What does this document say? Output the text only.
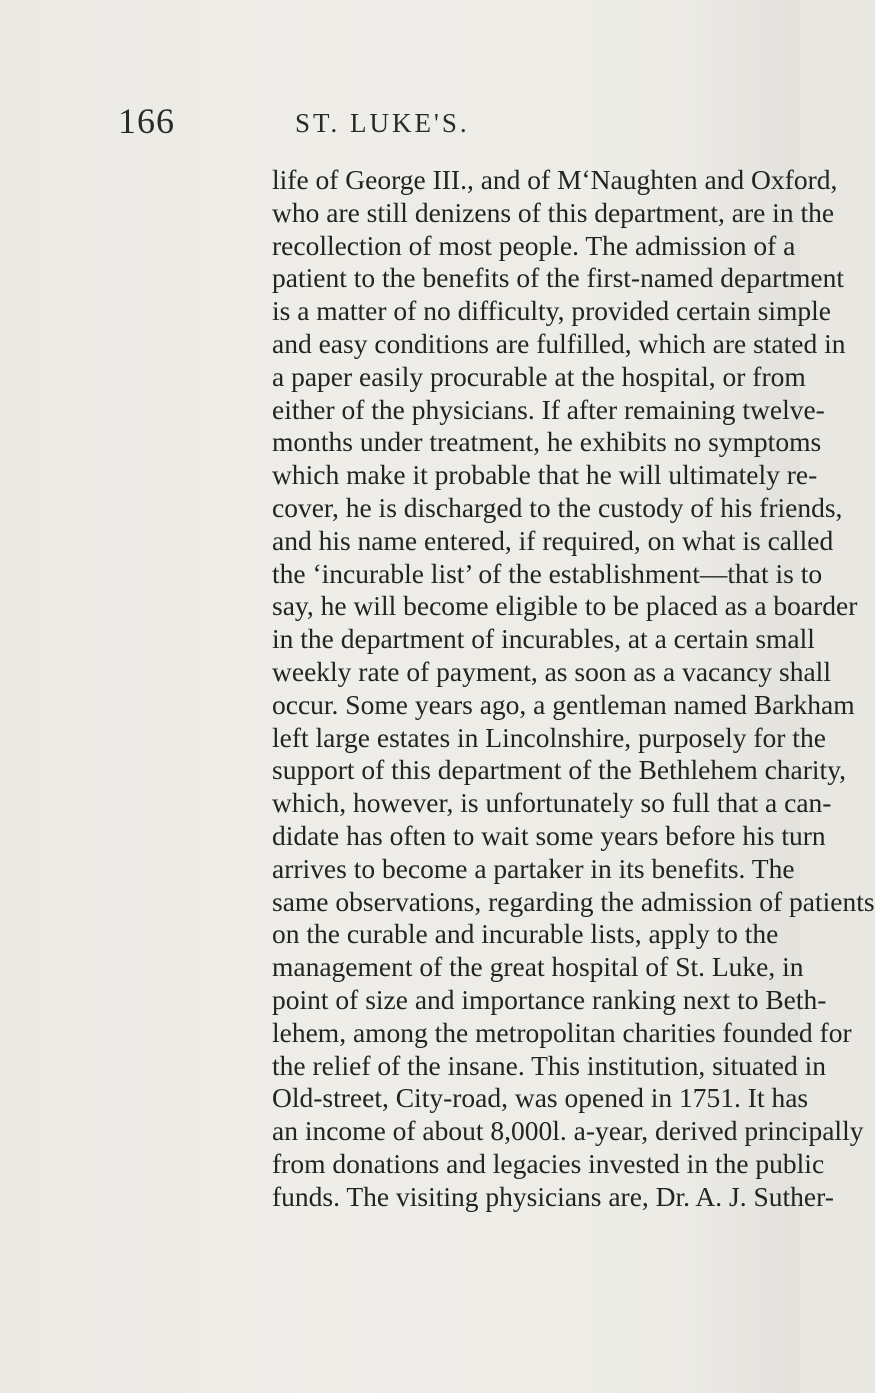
166	ST. LUKE'S.
life of George III., and of M‘Naughten and Oxford,
who are still denizens of this department, are in the
recollection of most people. The admission of a
patient to the benefits of the first-named department
is a matter of no difficulty, provided certain simple
and easy conditions are fulfilled, which are stated in
a paper easily procurable at the hospital, or from
either of the physicians. If after remaining twelve-
months under treatment, he exhibits no symptoms
which make it probable that he will ultimately re-
cover, he is discharged to the custody of his friends,
and his name entered, if required, on what is called
the ‘incurable list’ of the establishment—that is to
say, he will become eligible to be placed as a boarder
in the department of incurables, at a certain small
weekly rate of payment, as soon as a vacancy shall
occur. Some years ago, a gentleman named Barkham
left large estates in Lincolnshire, purposely for the
support of this department of the Bethlehem charity,
which, however, is unfortunately so full that a can-
didate has often to wait some years before his turn
arrives to become a partaker in its benefits. The
same observations, regarding the admission of patients
on the curable and incurable lists, apply to the
management of the great hospital of St. Luke, in
point of size and importance ranking next to Beth-
lehem, among the metropolitan charities founded for
the relief of the insane. This institution, situated in
Old-street, City-road, was opened in 1751. It has
an income of about 8,000l. a-year, derived principally
from donations and legacies invested in the public
funds. The visiting physicians are, Dr. A. J. Suther-
